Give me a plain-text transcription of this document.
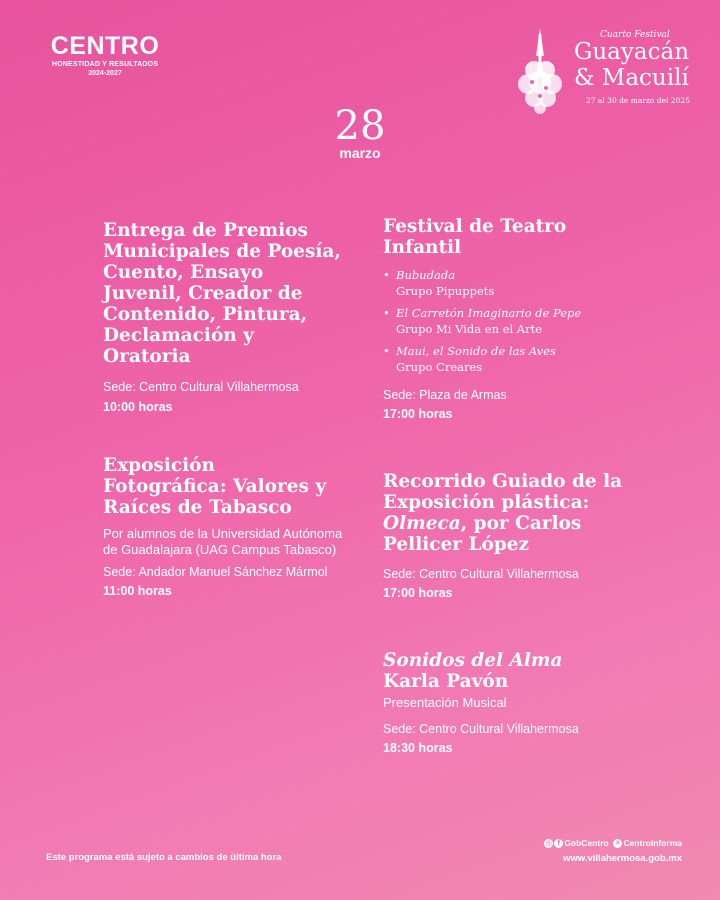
CENTRO
HONESTIDAD Y RESULTADOS
2024-2027
Cuarto Festival
Guayacán
& Macuilí
27 al 30 de marzo del 2025
28
marzo
Entrega de Premios Municipales de Poesía, Cuento, Ensayo Juvenil, Creador de Contenido, Pintura, Declamación y Oratoria
Sede: Centro Cultural Villahermosa
10:00 horas
Exposición Fotográfica: Valores y Raíces de Tabasco
Por alumnos de la Universidad Autónoma de Guadalajara (UAG Campus Tabasco)
Sede: Andador Manuel Sánchez Mármol
11:00 horas
Festival de Teatro Infantil
• Bubudada
Grupo Pipuppets
• El Carretón Imaginario de Pepe
Grupo Mi Vida en el Arte
• Maui, el Sonido de las Aves
Grupo Creares
Sede: Plaza de Armas
17:00 horas
Recorrido Guiado de la Exposición plástica: Olmeca, por Carlos Pellicer López
Sede: Centro Cultural Villahermosa
17:00 horas
Sonidos del Alma
Karla Pavón
Presentación Musical
Sede: Centro Cultural Villahermosa
18:30 horas
Este programa está sujeto a cambios de última hora
◎ f GobCentro ✕ CentroInforma
www.villahermosa.gob.mx
